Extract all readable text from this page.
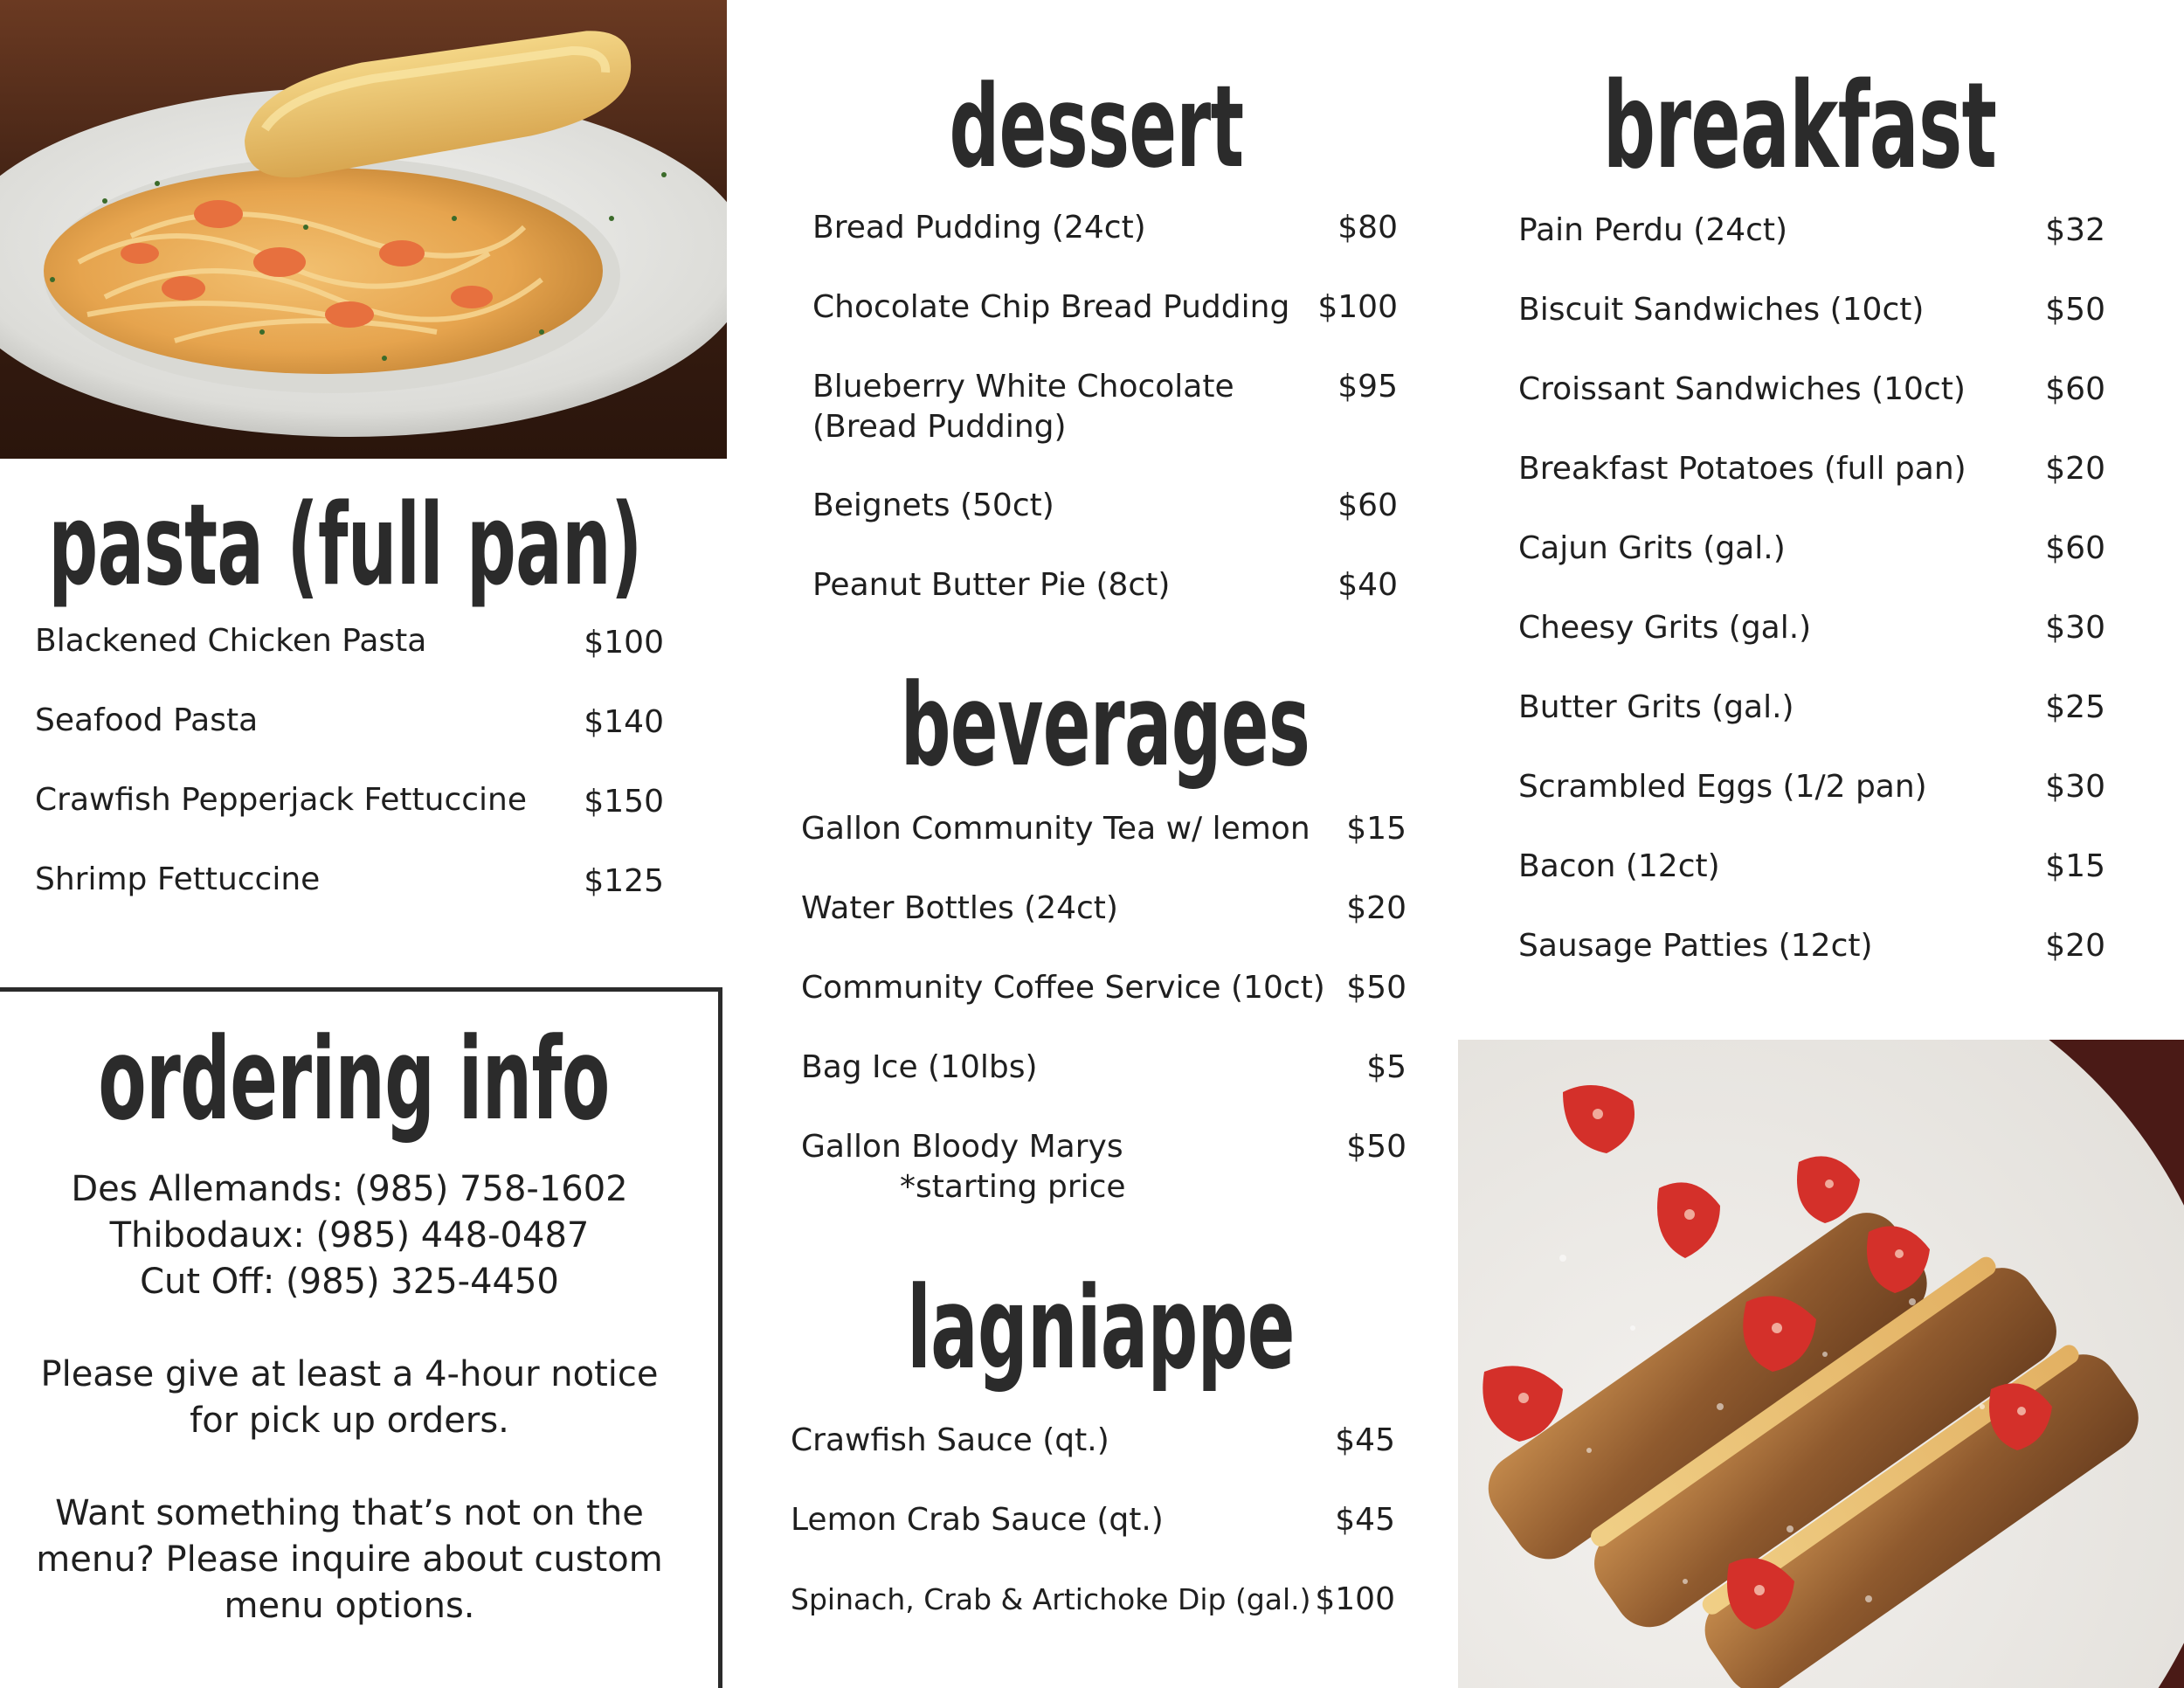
pasta (full pan)
Blackened Chicken Pasta	$100
Seafood Pasta	$140
Crawfish Pepperjack Fettuccine	$150
Shrimp Fettuccine	$125
ordering info
Des Allemands: (985) 758-1602
Thibodaux: (985) 448-0487
Cut Off: (985) 325-4450
Please give at least a 4-hour notice
for pick up orders.
Want something that’s not on the
menu? Please inquire about custom
menu options.
dessert
Bread Pudding (24ct)	$80
Chocolate Chip Bread Pudding $100
Blueberry White Chocolate
(Bread Pudding)
$95
Beignets (50ct)	$60
Peanut Butter Pie (8ct)	$40
beverages
Gallon Community Tea w/ lemon	$15
Water Bottles (24ct)	$20
Community Coffee Service (10ct) $50
Bag Ice (10lbs)	$5
Gallon Bloody Marys
*starting price
$50
lagniappe
Crawfish Sauce (qt.)	$45
Lemon Crab Sauce (qt.)	$45
Spinach, Crab & Artichoke Dip (gal.) $100
breakfast
Pain Perdu (24ct)	$32
Biscuit Sandwiches (10ct)	$50
Croissant Sandwiches (10ct)	$60
Breakfast Potatoes (full pan)	$20
Cajun Grits (gal.)	$60
Cheesy Grits (gal.)	$30
Butter Grits (gal.)	$25
Scrambled Eggs (1/2 pan)	$30
Bacon (12ct)	$15
Sausage Patties (12ct)	$20
